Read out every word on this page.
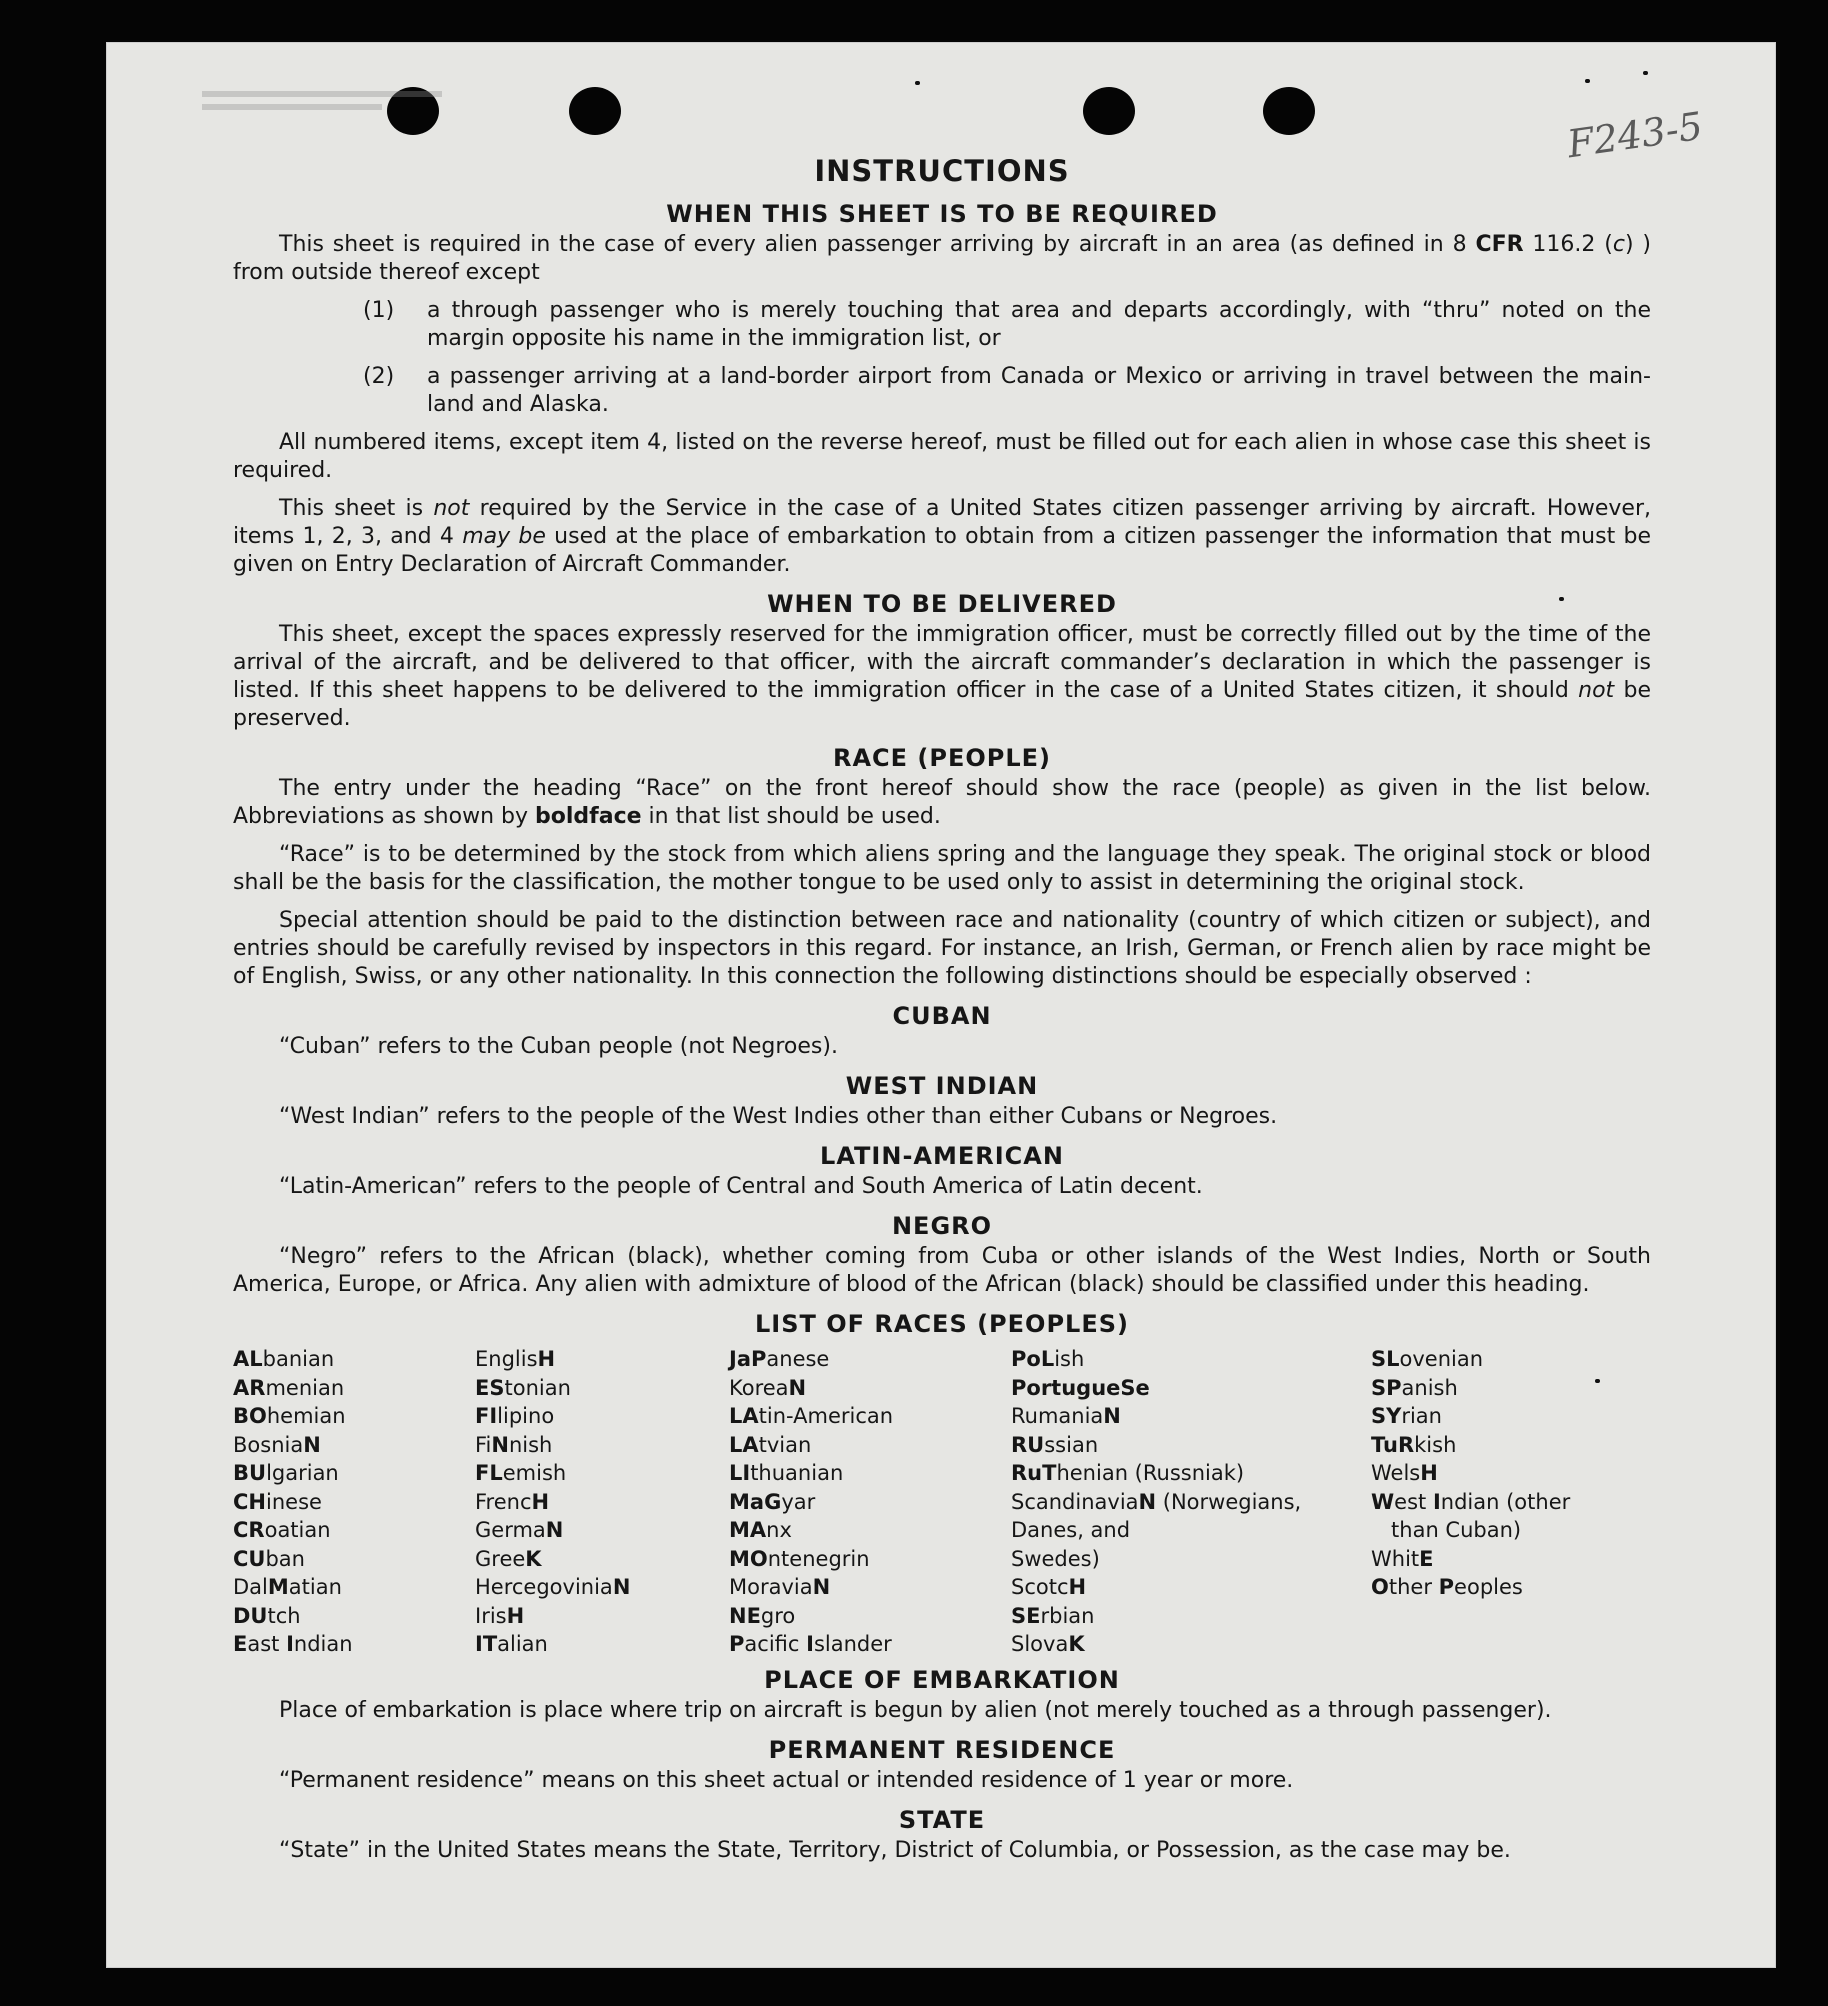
F243-5
INSTRUCTIONS
WHEN THIS SHEET IS TO BE REQUIRED

This sheet is required in the case of every alien passenger arriving by aircraft in an area (as defined in 8 CFR 116.2 (c) ) from outside thereof except

(1)	a through passenger who is merely touching that area and departs accordingly, with “thru” noted on the margin opposite his name in the immigration list, or
(2)	a passenger arriving at a land-border airport from Canada or Mexico or arriving in travel between the main-land and Alaska.

All numbered items, except item 4, listed on the reverse hereof, must be filled out for each alien in whose case this sheet is required.

This sheet is not required by the Service in the case of a United States citizen passenger arriving by aircraft. However, items 1, 2, 3, and 4 may be used at the place of embarkation to obtain from a citizen passenger the information that must be given on Entry Declaration of Aircraft Commander.

WHEN TO BE DELIVERED

This sheet, except the spaces expressly reserved for the immigration officer, must be correctly filled out by the time of the arrival of the aircraft, and be delivered to that officer, with the aircraft commander’s declaration in which the passenger is listed. If this sheet happens to be delivered to the immigration officer in the case of a United States citizen, it should not be preserved.

RACE (PEOPLE)

The entry under the heading “Race” on the front hereof should show the race (people) as given in the list below. Abbreviations as shown by boldface in that list should be used.

“Race” is to be determined by the stock from which aliens spring and the language they speak. The original stock or blood shall be the basis for the classification, the mother tongue to be used only to assist in determining the original stock.

Special attention should be paid to the distinction between race and nationality (country of which citizen or subject), and entries should be carefully revised by inspectors in this regard. For instance, an Irish, German, or French alien by race might be of English, Swiss, or any other nationality. In this connection the following distinctions should be especially observed :

CUBAN

“Cuban” refers to the Cuban people (not Negroes).

WEST INDIAN

“West Indian” refers to the people of the West Indies other than either Cubans or Negroes.

LATIN-AMERICAN

“Latin-American” refers to the people of Central and South America of Latin decent.

NEGRO

“Negro” refers to the African (black), whether coming from Cuba or other islands of the West Indies, North or South America, Europe, or Africa. Any alien with admixture of blood of the African (black) should be classified under this heading.

LIST OF RACES (PEOPLES)
ALbanian
ARmenian
BOhemian
BosniaN
BUlgarian
CHinese
CRoatian
CUban
DalMatian
DUtch
East Indian
EnglisH
EStonian
FIlipino
FiNnish
FLemish
FrencH
GermaN
GreeK
HercegoviniaN
IrisH
ITalian
JaPanese
KoreaN
LAtin-American
LAtvian
LIthuanian
MaGyar
MAnx
MOntenegrin
MoraviaN
NEgro
Pacific Islander
PoLish
PortugueSe
RumaniaN
RUssian
RuThenian (Russniak)
ScandinaviaN (Norwegians,
Danes, and
Swedes)
ScotcH
SErbian
SlovaK
SLovenian
SPanish
SYrian
TuRkish
WelsH
West Indian (other
than Cuban)
WhitE
Other Peoples
PLACE OF EMBARKATION

Place of embarkation is place where trip on aircraft is begun by alien (not merely touched as a through passenger).

PERMANENT RESIDENCE

“Permanent residence” means on this sheet actual or intended residence of 1 year or more.

STATE

“State” in the United States means the State, Territory, District of Columbia, or Possession, as the case may be.
